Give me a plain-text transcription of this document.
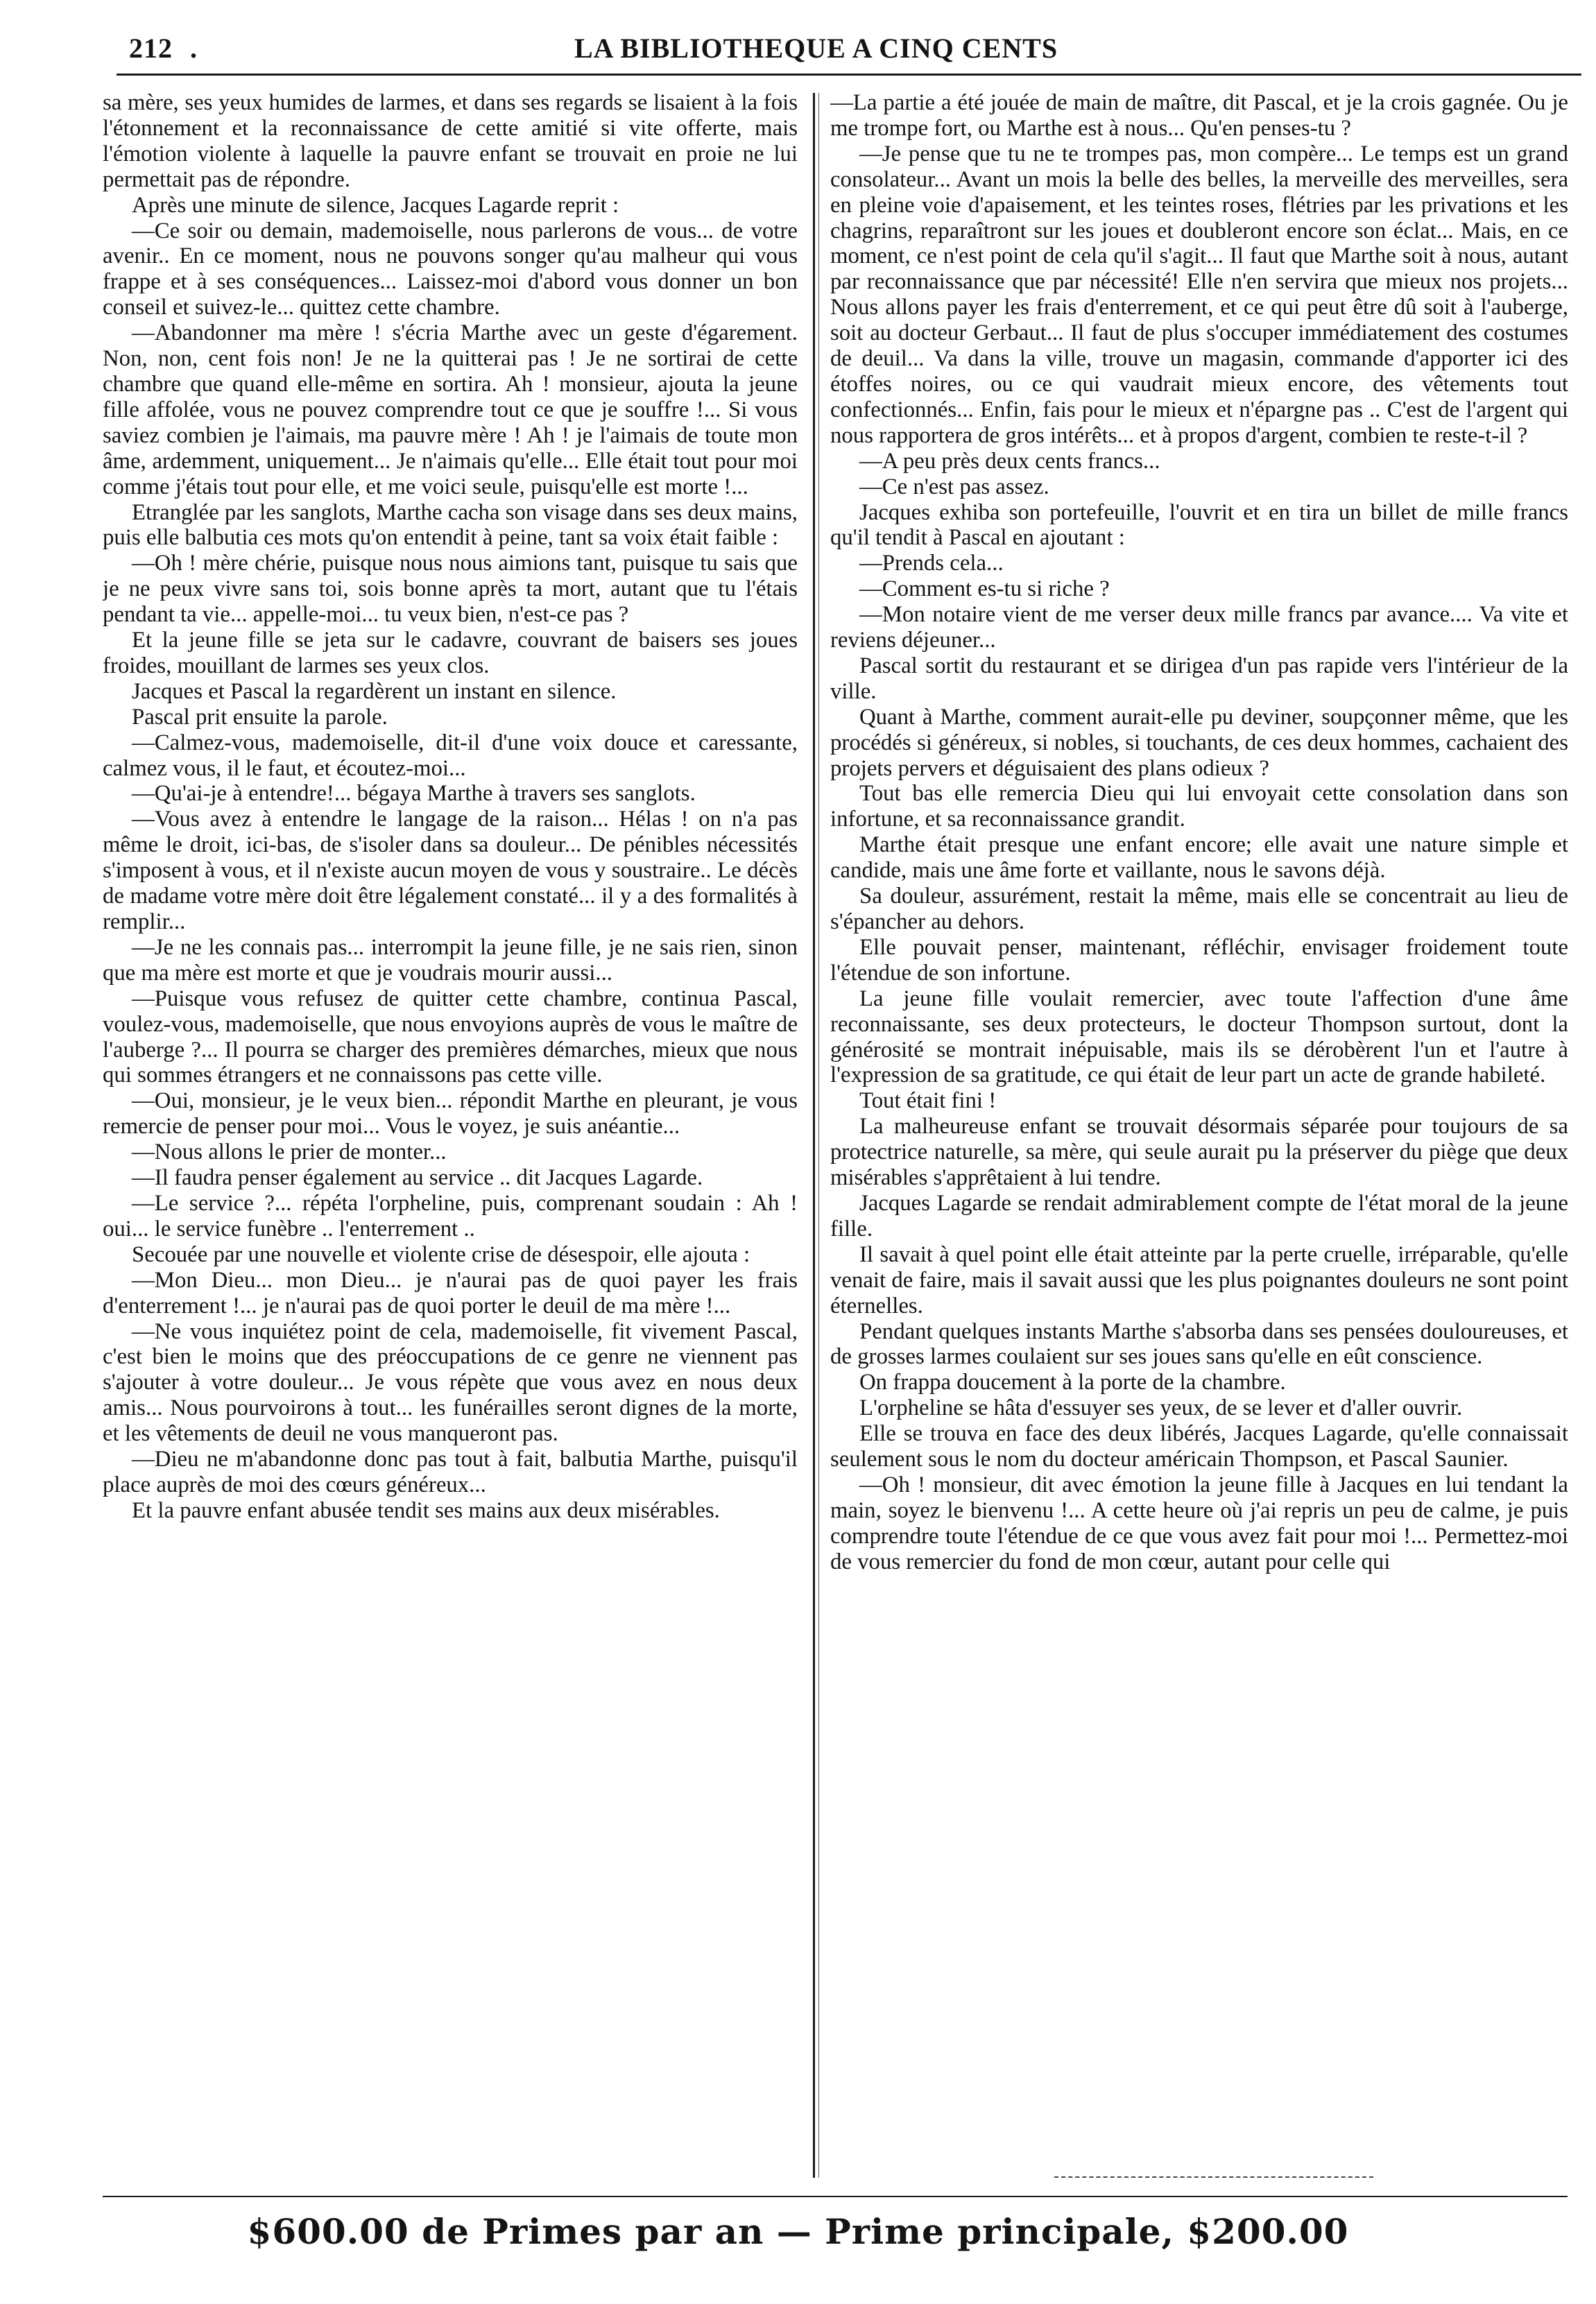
212 .	LA BIBLIOTHEQUE A CINQ CENTS

sa mère, ses yeux humides de larmes, et dans ses regards se lisaient à la fois l'étonnement et la reconnaissance de cette amitié si vite offerte, mais l'émotion violente à laquelle la pauvre enfant se trouvait en proie ne lui permettait pas de répondre.

Après une minute de silence, Jacques Lagarde reprit :

—Ce soir ou demain, mademoiselle, nous parlerons de vous... de votre avenir.. En ce moment, nous ne pouvons songer qu'au malheur qui vous frappe et à ses conséquences... Laissez-moi d'abord vous donner un bon conseil et suivez-le... quittez cette chambre.

—Abandonner ma mère ! s'écria Marthe avec un geste d'égarement. Non, non, cent fois non! Je ne la quitterai pas ! Je ne sortirai de cette chambre que quand elle-même en sortira. Ah ! monsieur, ajouta la jeune fille affolée, vous ne pouvez comprendre tout ce que je souffre !... Si vous saviez combien je l'aimais, ma pauvre mère ! Ah ! je l'aimais de toute mon âme, ardemment, uniquement... Je n'aimais qu'elle... Elle était tout pour moi comme j'étais tout pour elle, et me voici seule, puisqu'elle est morte !...

Etranglée par les sanglots, Marthe cacha son visage dans ses deux mains, puis elle balbutia ces mots qu'on entendit à peine, tant sa voix était faible :

—Oh ! mère chérie, puisque nous nous aimions tant, puisque tu sais que je ne peux vivre sans toi, sois bonne après ta mort, autant que tu l'étais pendant ta vie... appelle-moi... tu veux bien, n'est-ce pas ?

Et la jeune fille se jeta sur le cadavre, couvrant de baisers ses joues froides, mouillant de larmes ses yeux clos.

Jacques et Pascal la regardèrent un instant en silence.

Pascal prit ensuite la parole.

—Calmez-vous, mademoiselle, dit-il d'une voix douce et caressante, calmez vous, il le faut, et écoutez-moi...

—Qu'ai-je à entendre!... bégaya Marthe à travers ses sanglots.

—Vous avez à entendre le langage de la raison... Hélas ! on n'a pas même le droit, ici-bas, de s'isoler dans sa douleur... De pénibles nécessités s'imposent à vous, et il n'existe aucun moyen de vous y soustraire.. Le décès de madame votre mère doit être légalement constaté... il y a des formalités à remplir...

—Je ne les connais pas... interrompit la jeune fille, je ne sais rien, sinon que ma mère est morte et que je voudrais mourir aussi...

—Puisque vous refusez de quitter cette chambre, continua Pascal, voulez-vous, mademoiselle, que nous envoyions auprès de vous le maître de l'auberge ?... Il pourra se charger des premières démarches, mieux que nous qui sommes étrangers et ne connaissons pas cette ville.

—Oui, monsieur, je le veux bien... répondit Marthe en pleurant, je vous remercie de penser pour moi... Vous le voyez, je suis anéantie...

—Nous allons le prier de monter...

—Il faudra penser également au service .. dit Jacques Lagarde.

—Le service ?... répéta l'orpheline, puis, comprenant soudain : Ah ! oui... le service funèbre .. l'enterrement ..

Secouée par une nouvelle et violente crise de désespoir, elle ajouta :

—Mon Dieu... mon Dieu... je n'aurai pas de quoi payer les frais d'enterrement !... je n'aurai pas de quoi porter le deuil de ma mère !...

—Ne vous inquiétez point de cela, mademoiselle, fit vivement Pascal, c'est bien le moins que des préoccupations de ce genre ne viennent pas s'ajouter à votre douleur... Je vous répète que vous avez en nous deux amis... Nous pourvoirons à tout... les funérailles seront dignes de la morte, et les vêtements de deuil ne vous manqueront pas.

—Dieu ne m'abandonne donc pas tout à fait, balbutia Marthe, puisqu'il place auprès de moi des cœurs généreux...

Et la pauvre enfant abusée tendit ses mains aux deux misérables.

—La partie a été jouée de main de maître, dit Pascal, et je la crois gagnée. Ou je me trompe fort, ou Marthe est à nous... Qu'en penses-tu ?

—Je pense que tu ne te trompes pas, mon compère... Le temps est un grand consolateur... Avant un mois la belle des belles, la merveille des merveilles, sera en pleine voie d'apaisement, et les teintes roses, flétries par les privations et les chagrins, reparaîtront sur les joues et doubleront encore son éclat... Mais, en ce moment, ce n'est point de cela qu'il s'agit... Il faut que Marthe soit à nous, autant par reconnaissance que par nécessité! Elle n'en servira que mieux nos projets... Nous allons payer les frais d'enterrement, et ce qui peut être dû soit à l'auberge, soit au docteur Gerbaut... Il faut de plus s'occuper immédiatement des costumes de deuil... Va dans la ville, trouve un magasin, commande d'apporter ici des étoffes noires, ou ce qui vaudrait mieux encore, des vêtements tout confectionnés... Enfin, fais pour le mieux et n'épargne pas .. C'est de l'argent qui nous rapportera de gros intérêts... et à propos d'argent, combien te reste-t-il ?

—A peu près deux cents francs...

—Ce n'est pas assez.

Jacques exhiba son portefeuille, l'ouvrit et en tira un billet de mille francs qu'il tendit à Pascal en ajoutant :

—Prends cela...

—Comment es-tu si riche ?

—Mon notaire vient de me verser deux mille francs par avance.... Va vite et reviens déjeuner...

Pascal sortit du restaurant et se dirigea d'un pas rapide vers l'intérieur de la ville.

Quant à Marthe, comment aurait-elle pu deviner, soupçonner même, que les procédés si généreux, si nobles, si touchants, de ces deux hommes, cachaient des projets pervers et déguisaient des plans odieux ?

Tout bas elle remercia Dieu qui lui envoyait cette consolation dans son infortune, et sa reconnaissance grandit.

Marthe était presque une enfant encore; elle avait une nature simple et candide, mais une âme forte et vaillante, nous le savons déjà.

Sa douleur, assurément, restait la même, mais elle se concentrait au lieu de s'épancher au dehors.

Elle pouvait penser, maintenant, réfléchir, envisager froidement toute l'étendue de son infortune.

La jeune fille voulait remercier, avec toute l'affection d'une âme reconnaissante, ses deux protecteurs, le docteur Thompson surtout, dont la générosité se montrait inépuisable, mais ils se dérobèrent l'un et l'autre à l'expression de sa gratitude, ce qui était de leur part un acte de grande habileté.

Tout était fini !

La malheureuse enfant se trouvait désormais séparée pour toujours de sa protectrice naturelle, sa mère, qui seule aurait pu la préserver du piège que deux misérables s'apprêtaient à lui tendre.

Jacques Lagarde se rendait admirablement compte de l'état moral de la jeune fille.

Il savait à quel point elle était atteinte par la perte cruelle, irréparable, qu'elle venait de faire, mais il savait aussi que les plus poignantes douleurs ne sont point éternelles.

Pendant quelques instants Marthe s'absorba dans ses pensées douloureuses, et de grosses larmes coulaient sur ses joues sans qu'elle en eût conscience.

On frappa doucement à la porte de la chambre.

L'orpheline se hâta d'essuyer ses yeux, de se lever et d'aller ouvrir.

Elle se trouva en face des deux libérés, Jacques Lagarde, qu'elle connaissait seulement sous le nom du docteur américain Thompson, et Pascal Saunier.

—Oh ! monsieur, dit avec émotion la jeune fille à Jacques en lui tendant la main, soyez le bienvenu !... A cette heure où j'ai repris un peu de calme, je puis comprendre toute l'étendue de ce que vous avez fait pour moi !... Permettez-moi de vous remercier du fond de mon cœur, autant pour celle qui

$600.00 de Primes par an — Prime principale, $200.00
